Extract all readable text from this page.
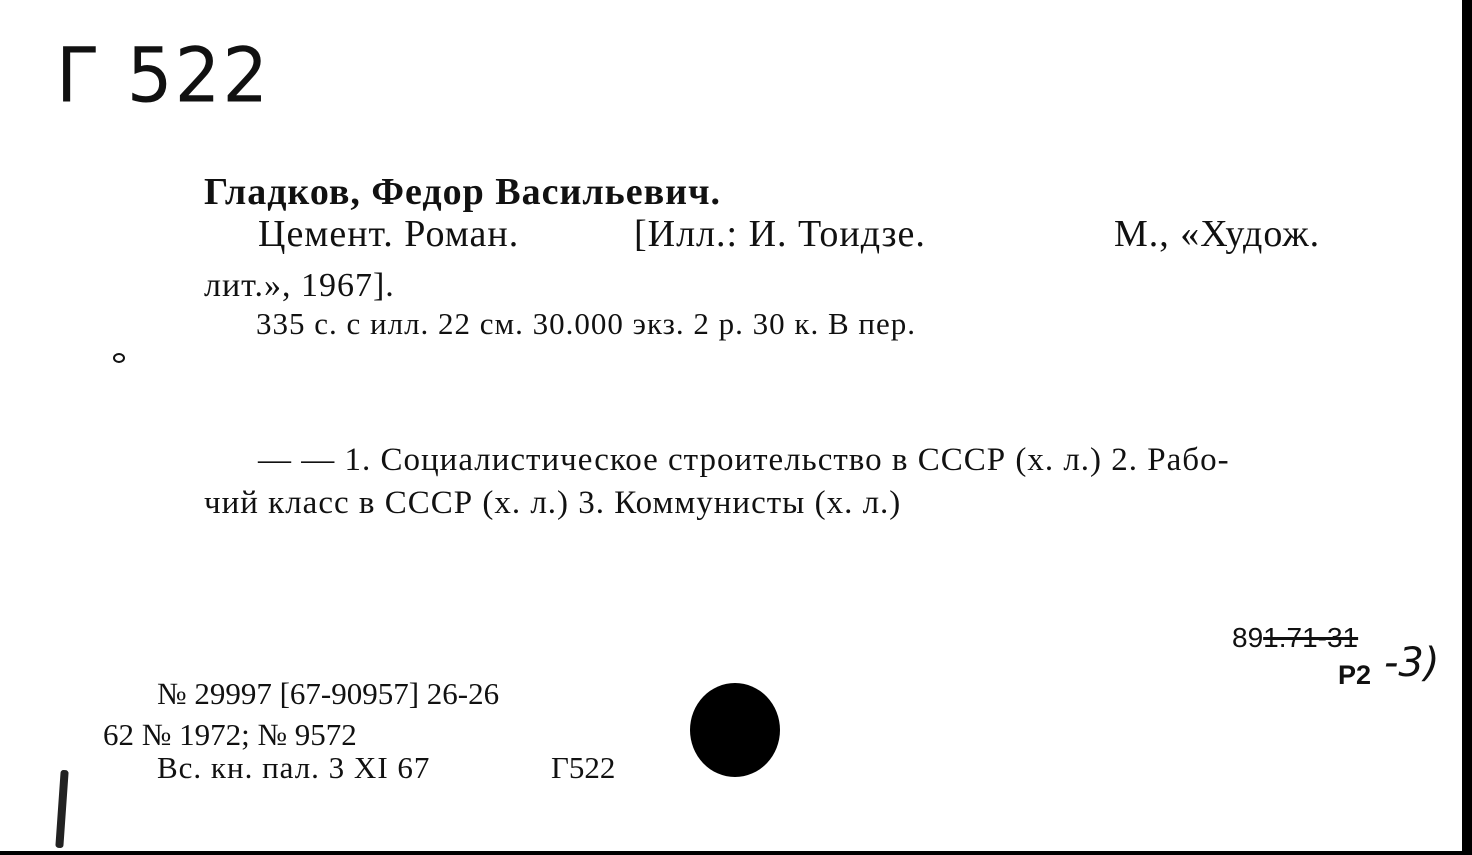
Г 522
Гладков, Федор Васильевич.
Цемент. Роман.	[Илл.: И. Тоидзе.	М., «Худож.
лит.», 1967].
335 с. с илл. 22 см. 30.000 экз. 2 р. 30 к. В пер.
— — 1. Социалистическое строительство в СССР (х. л.) 2. Рабо-
чий класс в СССР (х. л.) 3. Коммунисты (х. л.)
891.71-31
Р2 -3)
№ 29997 [67-90957] 26-26
62 № 1972; № 9572
Вс. кн. пал. 3 XI 67	Г522
